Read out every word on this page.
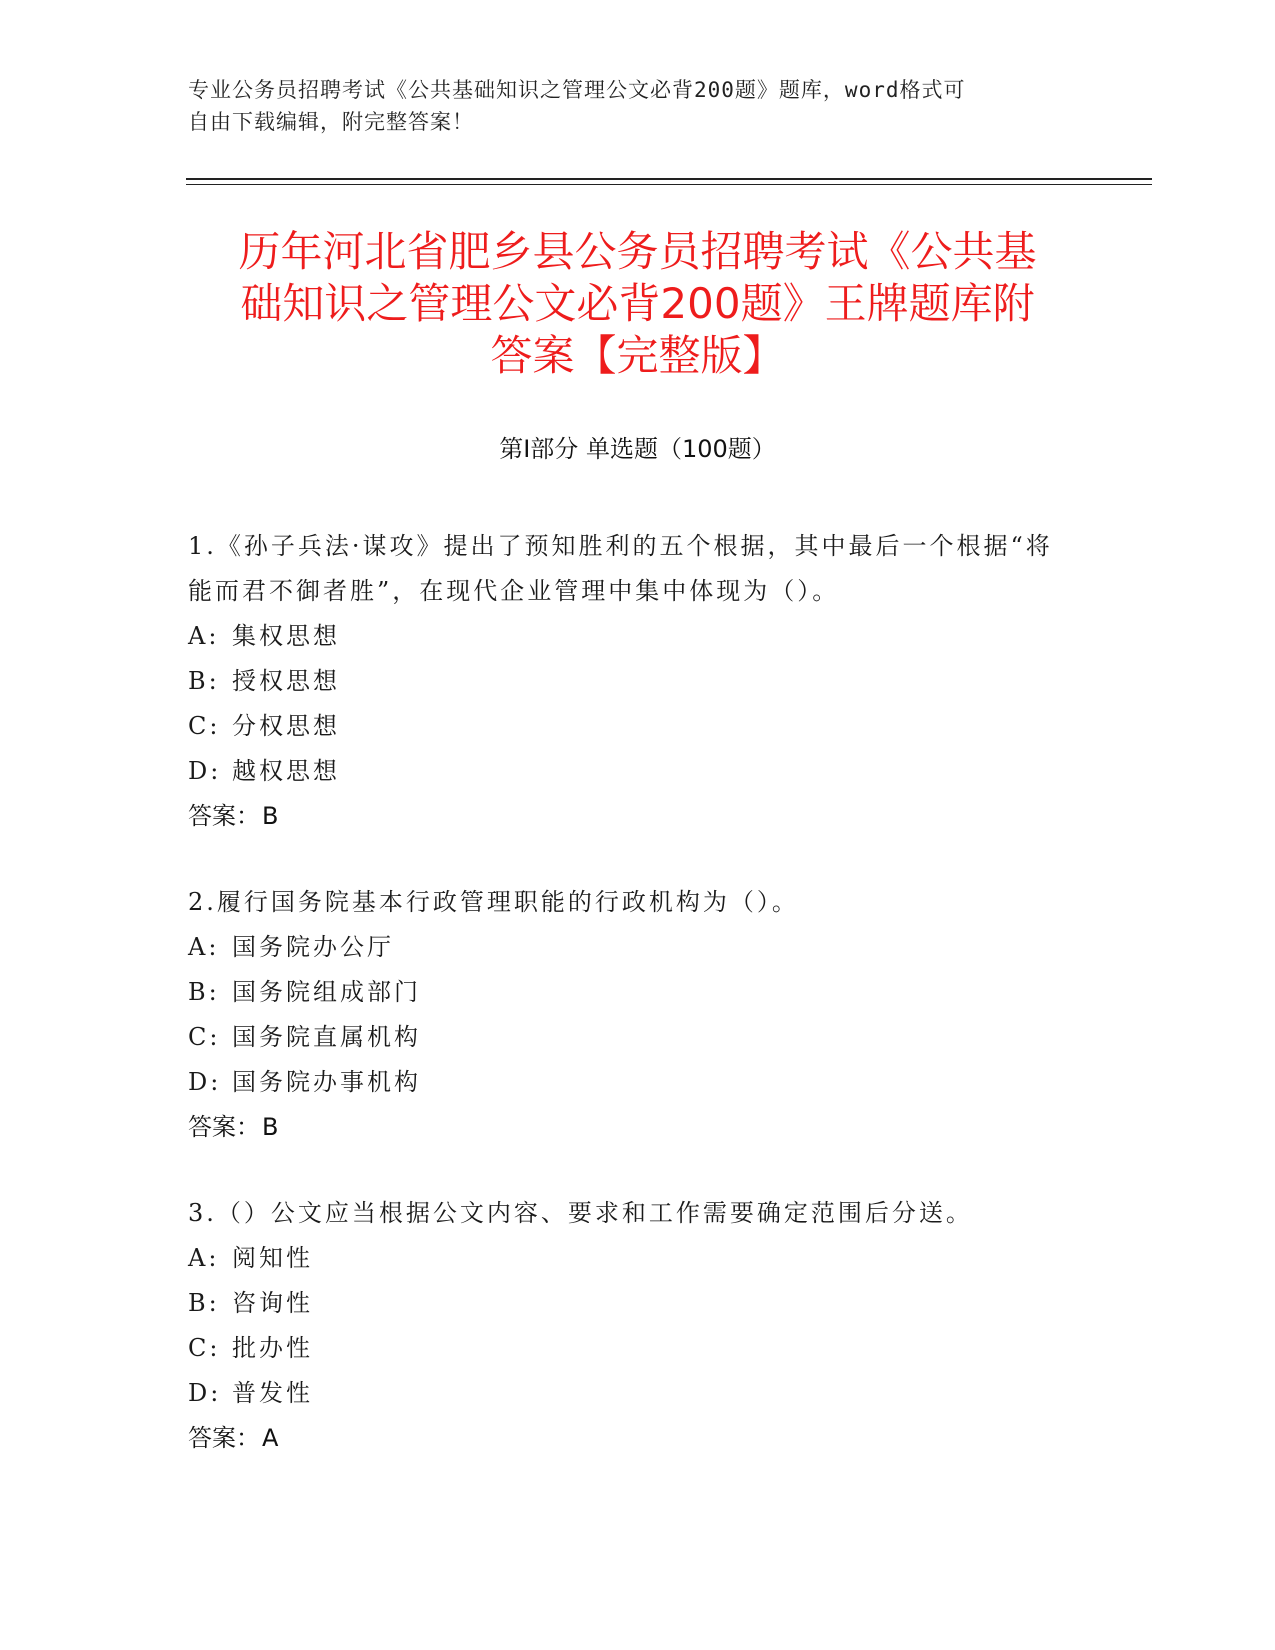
专业公务员招聘考试《公共基础知识之管理公文必背200题》题库，word格式可
自由下载编辑，附完整答案！
历年河北省肥乡县公务员招聘考试《公共基
础知识之管理公文必背200题》王牌题库附
答案【完整版】
第I部分 单选题（100题）
1.《孙子兵法·谋攻》提出了预知胜利的五个根据，其中最后一个根据“将能而君不御者胜”，在现代企业管理中集中体现为（）。
A: 集权思想
B: 授权思想
C: 分权思想
D: 越权思想
答案： B
2.履行国务院基本行政管理职能的行政机构为（）。
A: 国务院办公厅
B: 国务院组成部门
C: 国务院直属机构
D: 国务院办事机构
答案： B
3.（）公文应当根据公文内容、要求和工作需要确定范围后分送。
A: 阅知性
B: 咨询性
C: 批办性
D: 普发性
答案： A
